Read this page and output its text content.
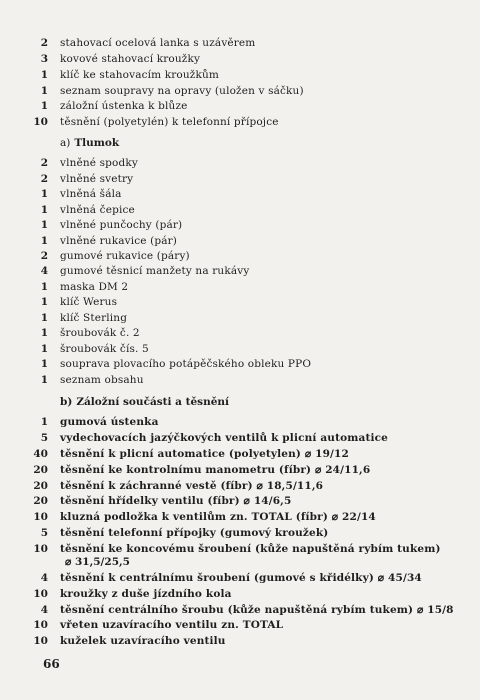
2 stahovací ocelová lanka s uzávěrem
3 kovové stahovací kroužky
1 klíč ke stahovacím kroužkům
1 seznam soupravy na opravy (uložen v sáčku)
1 záložní ústenka k blůze
10 těsnění (polyetylén) k telefonní přípojce
a) Tlumok
2 vlněné spodky
2 vlněné svetry
1 vlněná šála
1 vlněná čepice
1 vlněné punčochy (pár)
1 vlněné rukavice (pár)
2 gumové rukavice (páry)
4 gumové těsnicí manžety na rukávy
1 maska DM 2
1 klíč Werus
1 klíč Sterling
1 šroubovák č. 2
1 šroubovák čís. 5
1 souprava plovacího potápěčského obleku PPO
1 seznam obsahu
b) Záložní součásti a těsnění
1 gumová ústenka
5 vydechovacích jazýčkových ventilů k plicní automatice
40 těsnění k plicní automatice (polyetylen) ⌀ 19/12
20 těsnění ke kontrolnímu manometru (fíbr) ⌀ 24/11,6
20 těsnění k záchranné vestě (fíbr) ⌀ 18,5/11,6
20 těsnění hřídelky ventilu (fíbr) ⌀ 14/6,5
10 kluzná podložka k ventilům zn. TOTAL (fíbr) ⌀ 22/14
5 těsnění telefonní přípojky (gumový kroužek)
10 těsnění ke koncovému šroubení (kůže napuštěná rybím tukem)
⌀ 31,5/25,5
4 těsnění k centrálnímu šroubení (gumové s křidélky) ⌀ 45/34
10 kroužky z duše jízdního kola
4 těsnění centrálního šroubu (kůže napuštěná rybím tukem) ⌀ 15/8
10 vřeten uzavíracího ventilu zn. TOTAL
10 kuželek uzavíracího ventilu
66
